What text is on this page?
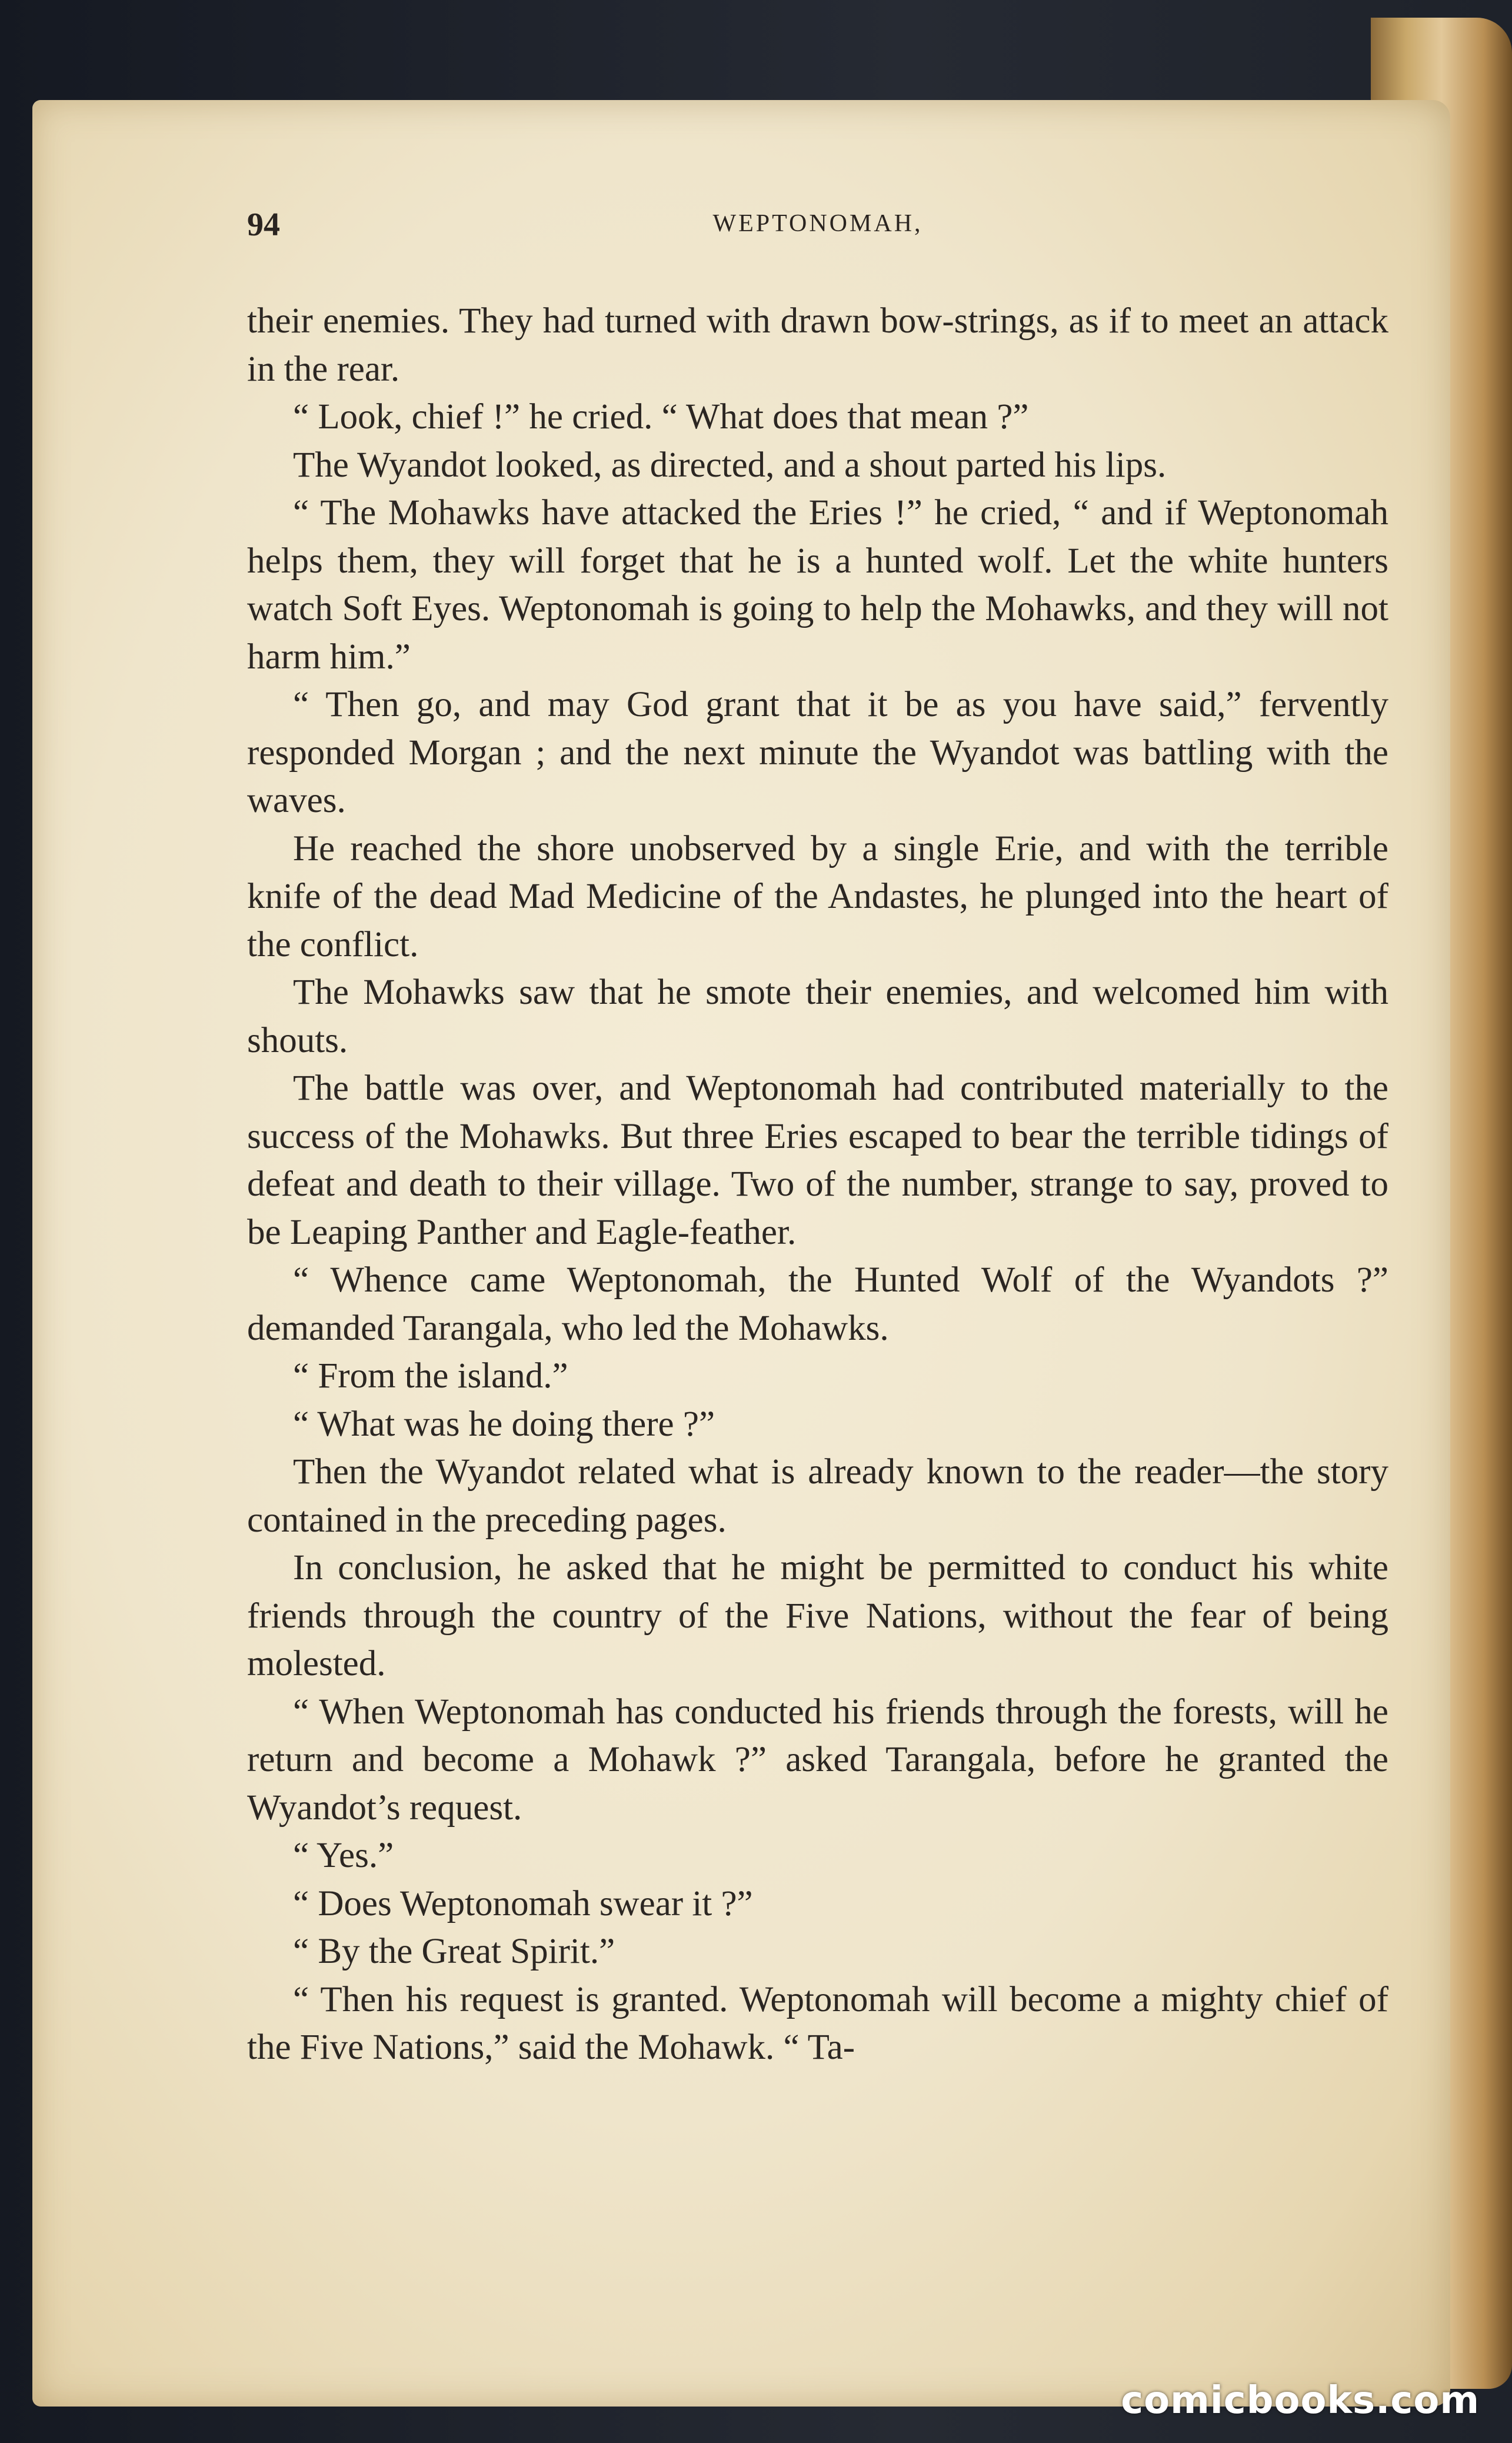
94	WEPTONOMAH,

their enemies. They had turned with drawn bow-strings, as if to meet an attack in the rear.

“ Look, chief !” he cried. “ What does that mean ?”

The Wyandot looked, as directed, and a shout parted his lips.

“ The Mohawks have attacked the Eries !” he cried, “ and if Weptonomah helps them, they will forget that he is a hunted wolf. Let the white hunters watch Soft Eyes. Weptonomah is going to help the Mohawks, and they will not harm him.”

“ Then go, and may God grant that it be as you have said,” fervently responded Morgan ; and the next minute the Wyandot was battling with the waves.

He reached the shore unobserved by a single Erie, and with the terrible knife of the dead Mad Medicine of the Andastes, he plunged into the heart of the conflict.

The Mohawks saw that he smote their enemies, and welcomed him with shouts.

The battle was over, and Weptonomah had contributed materially to the success of the Mohawks. But three Eries escaped to bear the terrible tidings of defeat and death to their village. Two of the number, strange to say, proved to be Leaping Panther and Eagle-feather.

“ Whence came Weptonomah, the Hunted Wolf of the Wyandots ?” demanded Tarangala, who led the Mohawks.

“ From the island.”

“ What was he doing there ?”

Then the Wyandot related what is already known to the reader—the story contained in the preceding pages.

In conclusion, he asked that he might be permitted to conduct his white friends through the country of the Five Nations, without the fear of being molested.

“ When Weptonomah has conducted his friends through the forests, will he return and become a Mohawk ?” asked Tarangala, before he granted the Wyandot’s request.

“ Yes.”

“ Does Weptonomah swear it ?”

“ By the Great Spirit.”

“ Then his request is granted. Weptonomah will become a mighty chief of the Five Nations,” said the Mohawk. “ Ta-

comicbooks.com
